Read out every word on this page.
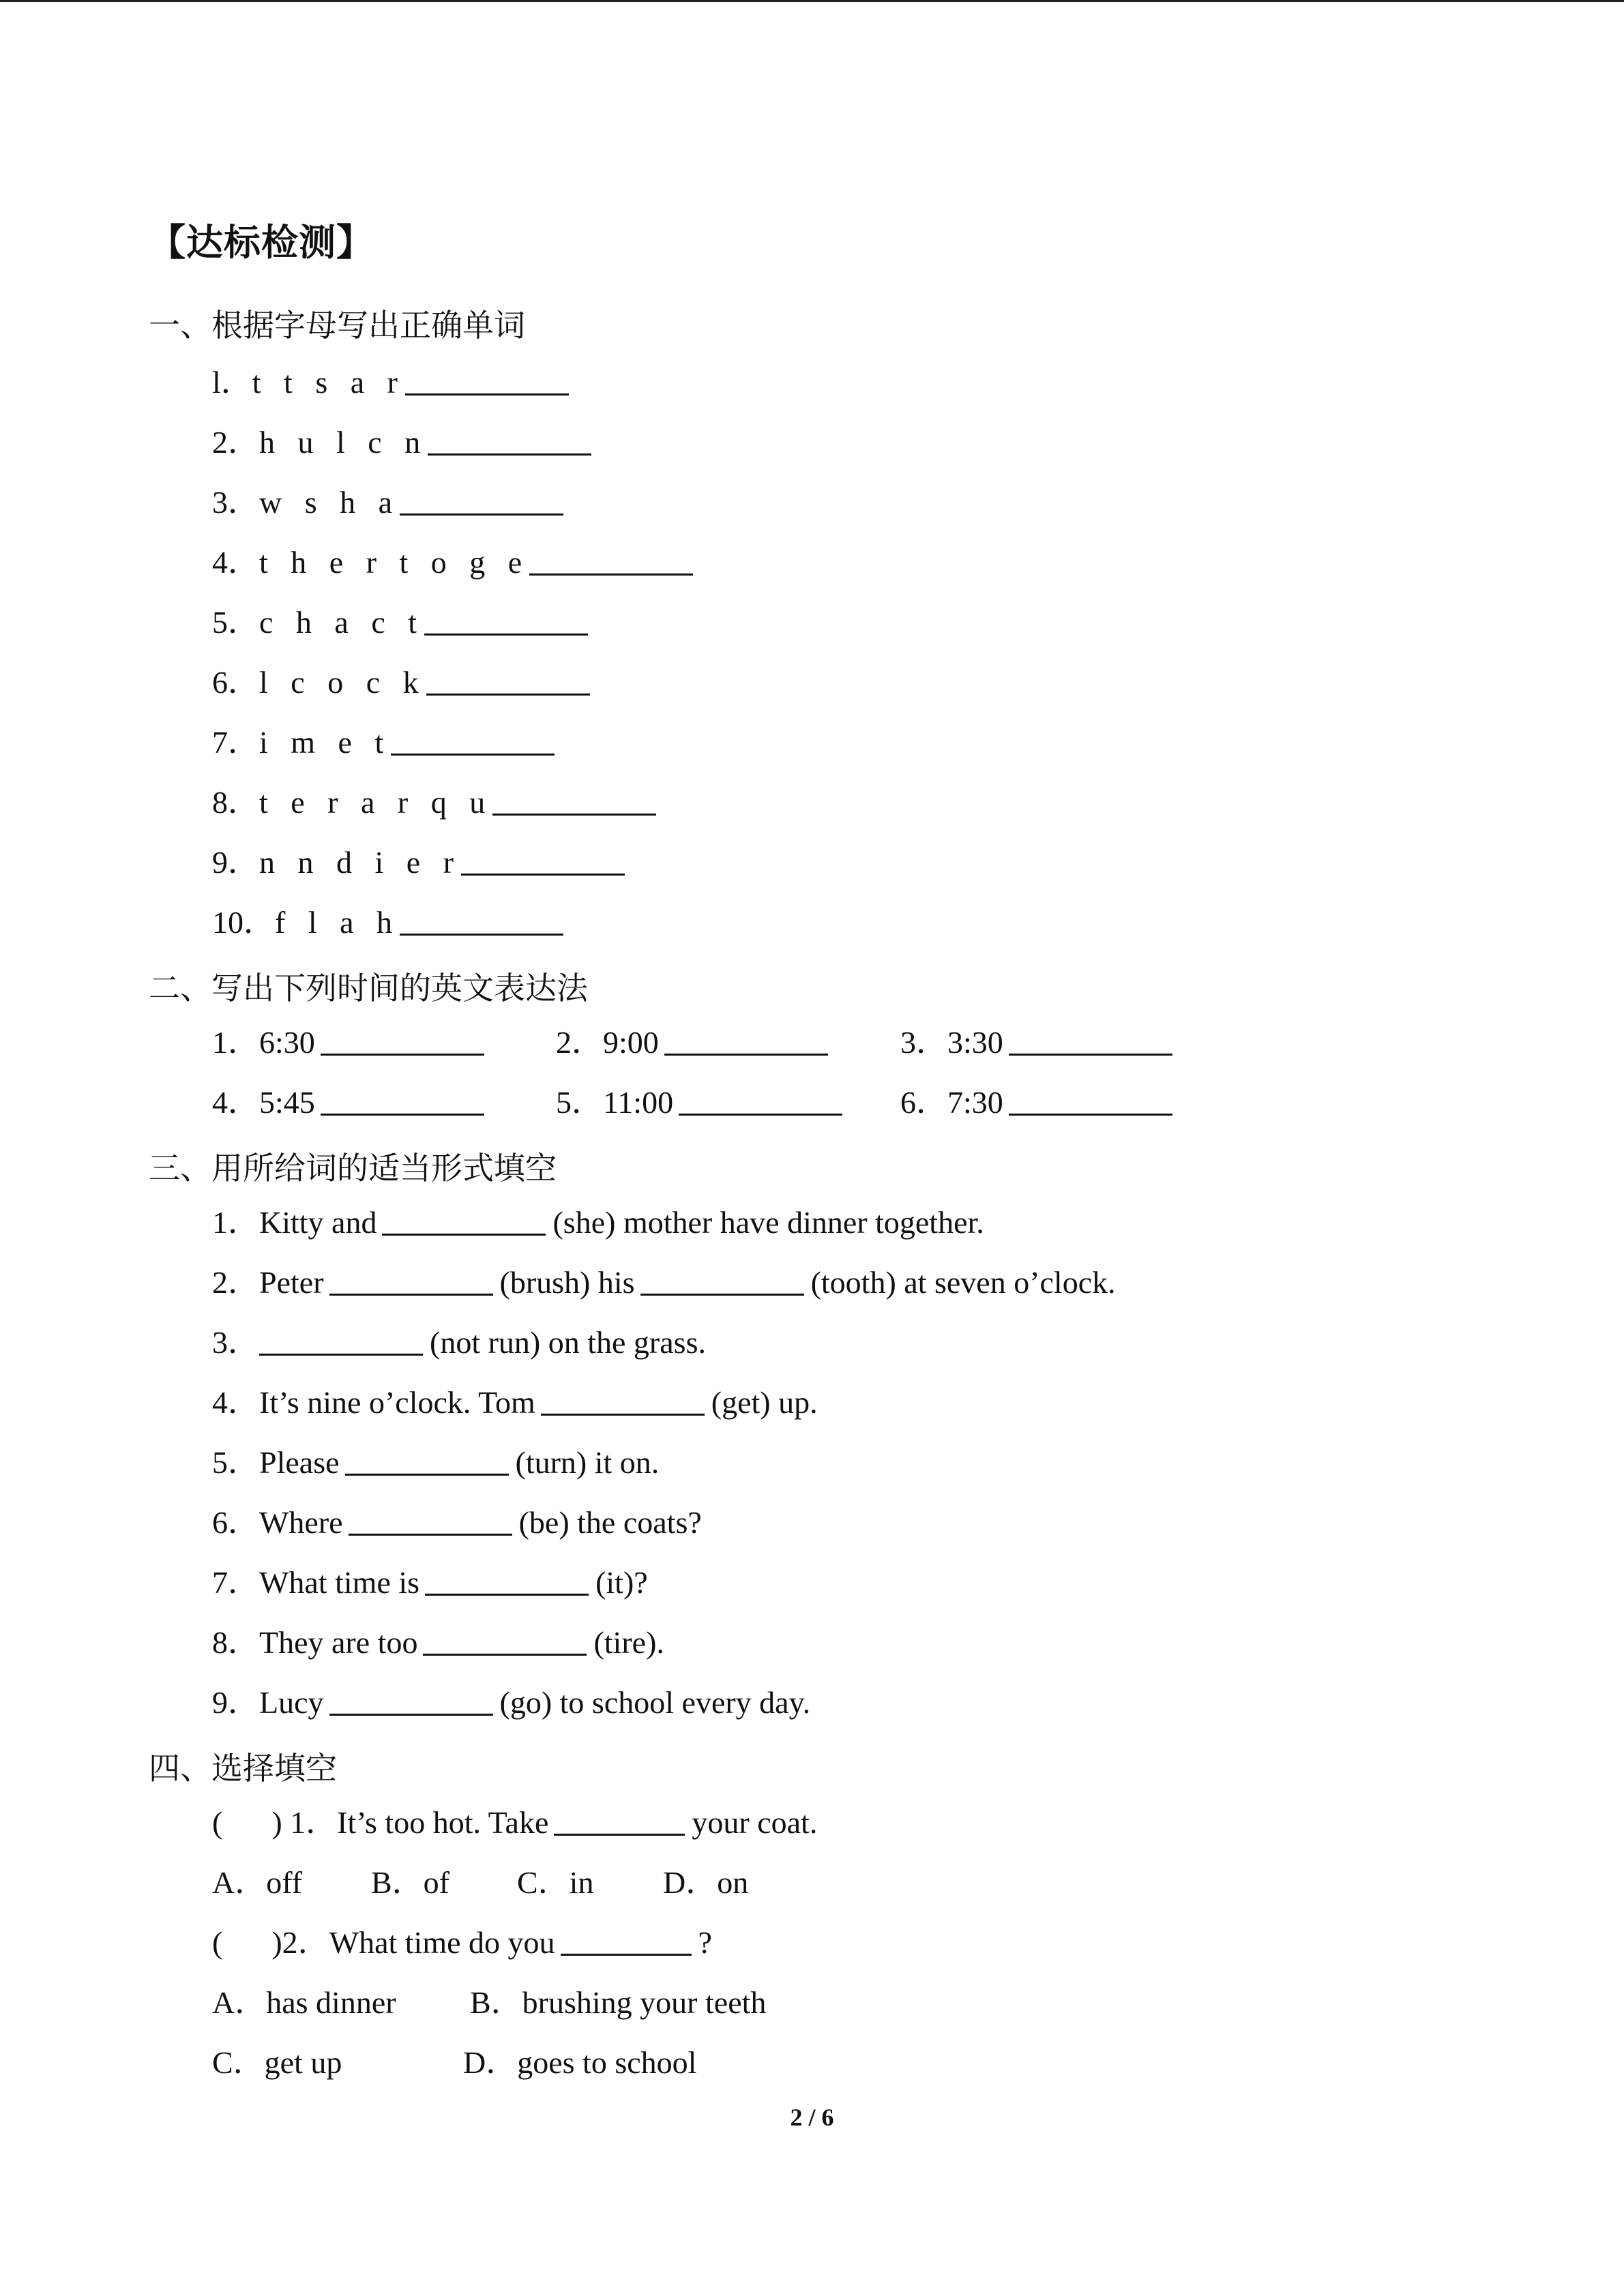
【达标检测】
一、根据字母写出正确单词
l．t t s a r
2．h u l c n
3．w s h a
4．t h e r t o g e
5．c h a c t
6．l c o c k
7．i m e t
8．t e r a r q u
9．n n d i e r
10．f l a h
二、写出下列时间的英文表达法
1．6:30	2．9:00	3．3:30
4．5:45	5．11:00	6．7:30
三、用所给词的适当形式填空
1．Kitty and	(she) mother have dinner together.
2．Peter	(brush) his	(tooth) at seven o’clock.
3．	(not run) on the grass.
4．It’s nine o’clock. Tom	(get) up.
5．Please	(turn) it on.
6．Where	(be) the coats?
7．What time is	(it)?
8．They are too	(tire).
9．Lucy	(go) to school every day.
四、选择填空
( ) 1．It’s too hot. Take	your coat.
A．off B．of C．in D．on
( )2．What time do you	?
A．has dinner B．brushing your teeth
C．get up	D．goes to school
2 / 6
